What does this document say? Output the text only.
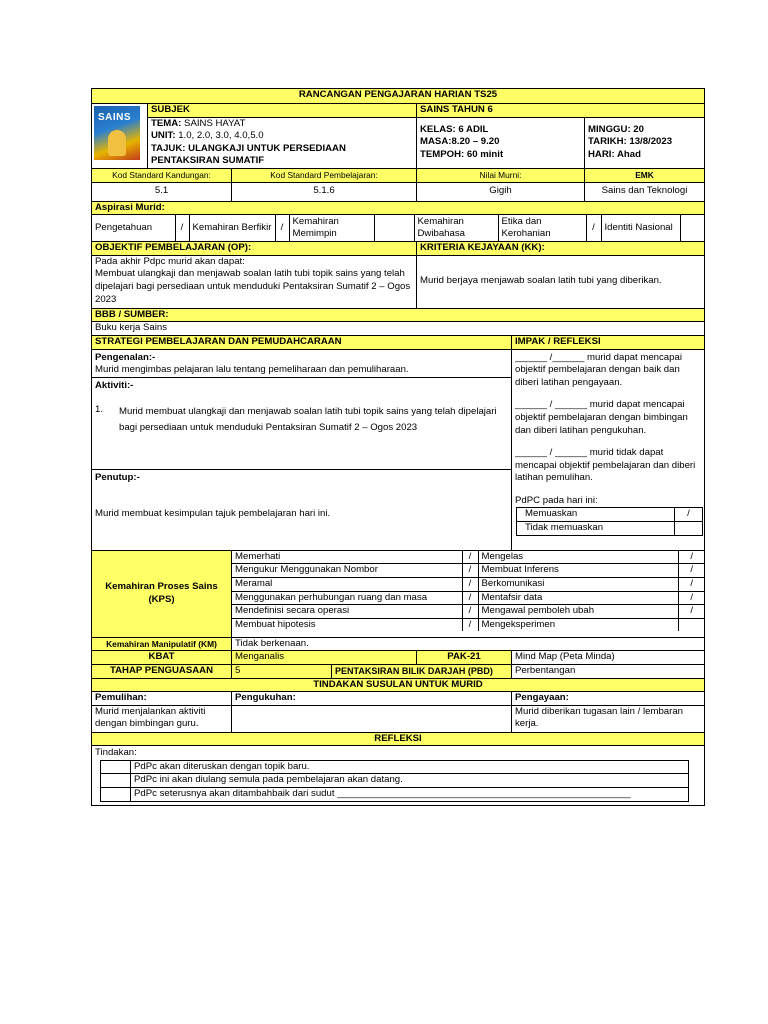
RANCANGAN PENGAJARAN HARIAN TS25

SAINS
	SUBJEK	SAINS TAHUN 6

TEMA: SAINS HAYAT
UNIT: 1.0, 2.0, 3.0, 4.0,5.0
TAJUK: ULANGKAJI UNTUK PERSEDIAAN PENTAKSIRAN SUMATIF

KELAS: 6 ADIL
MASA:8.20 – 9.20
TEMPOH: 60 minit

MINGGU: 20
TARIKH: 13/8/2023
HARI: Ahad

Kod Standard Kandungan:	Kod Standard Pembelajaran:	Nilai Murni:	EMK
5.1	5.1.6	Gigih	Sains dan Teknologi
Aspirasi Murid:

Pengetahuan	/	Kemahiran Berfikir	/	Kemahiran Memimpin		Kemahiran Dwibahasa	Etika dan Kerohanian	/	Identiti Nasional	

OBJEKTIF PEMBELAJARAN (OP):	KRITERIA KEJAYAAN (KK):

Pada akhir Pdpc murid akan dapat:
Membuat ulangkaji dan menjawab soalan latih tubi topik sains yang telah dipelajari bagi persediaan untuk menduduki Pentaksiran Sumatif 2 – Ogos 2023
	Murid berjaya menjawab soalan latih tubi yang diberikan.
BBB / SUMBER:
Buku kerja Sains
STRATEGI PEMBELAJARAN DAN PEMUDAHCARAAN	IMPAK / REFLEKSI

Pengenalan:-
Murid mengimbas pelajaran lalu tentang pemeliharaan dan pemuliharaan.
Aktiviti:-
1.	Murid membuat ulangkaji dan menjawab soalan latih tubi topik sains yang telah dipelajari bagi persediaan untuk menduduki Pentaksiran Sumatif 2 – Ogos 2023
Penutup:-
Murid membuat kesimpulan tajuk pembelajaran hari ini.

______ /______ murid dapat mencapai objektif pembelajaran dengan baik dan diberi latihan pengayaan.
______ / ______ murid dapat mencapai objektif pembelajaran dengan bimbingan dan diberi latihan pengukuhan.
______ / ______ murid tidak dapat mencapai objektif pembelajaran dan diberi latihan pemulihan.
PdPC pada hari ini:
Memuaskan	/
Tidak memuaskan	

Kemahiran Proses Sains (KPS)	
Memerhati	/	Mengelas	/
Mengukur Menggunakan Nombor	/	Membuat Inferens	/
Meramal	/	Berkomunikasi	/
Menggunakan perhubungan ruang dan masa	/	Mentafsir data	/
Mendefinisi secara operasi	/	Mengawal pemboleh ubah	/
Membuat hipotesis	/	Mengeksperimen	

Kemahiran Manipulatif (KM)	Tidak berkenaan.
KBAT	Menganalis	PAK-21	Mind Map (Peta Minda)
TAHAP PENGUASAAN	5	PENTAKSIRAN BILIK DARJAH (PBD)	Perbentangan
TINDAKAN SUSULAN UNTUK MURID
Pemulihan:	Pengukuhan:	Pengayaan:
Murid menjalankan aktiviti dengan bimbingan guru.		Murid diberikan tugasan lain / lembaran kerja.
REFLEKSI

Tindakan:
	PdPc akan diteruskan dengan topik baru.
	PdPc ini akan diulang semula pada pembelajaran akan datang.
	PdPc seterusnya akan ditambahbaik dari sudut _______________________________________________________
